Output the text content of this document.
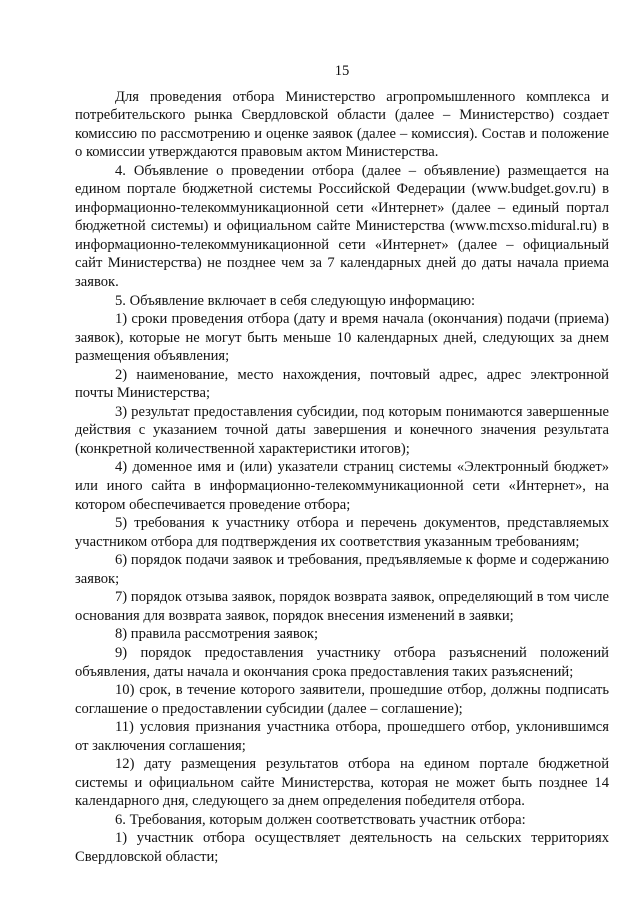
15

Для проведения отбора Министерство агропромышленного комплекса и потребительского рынка Свердловской области (далее – Министерство) создает комиссию по рассмотрению и оценке заявок (далее – комиссия). Состав и положение о комиссии утверждаются правовым актом Министерства.

4. Объявление о проведении отбора (далее – объявление) размещается на едином портале бюджетной системы Российской Федерации (www.budget.gov.ru) в информационно-телекоммуникационной сети «Интернет» (далее – единый портал бюджетной системы) и официальном сайте Министерства (www.mcxso.midural.ru) в информационно-телекоммуникационной сети «Интернет» (далее – официальный сайт Министерства) не позднее чем за 7 календарных дней до даты начала приема заявок.

5. Объявление включает в себя следующую информацию:

1) сроки проведения отбора (дату и время начала (окончания) подачи (приема) заявок), которые не могут быть меньше 10 календарных дней, следующих за днем размещения объявления;

2) наименование, место нахождения, почтовый адрес, адрес электронной почты Министерства;

3) результат предоставления субсидии, под которым понимаются завершенные действия с указанием точной даты завершения и конечного значения результата (конкретной количественной характеристики итогов);

4) доменное имя и (или) указатели страниц системы «Электронный бюджет» или иного сайта в информационно-телекоммуникационной сети «Интернет», на котором обеспечивается проведение отбора;

5) требования к участнику отбора и перечень документов, представляемых участником отбора для подтверждения их соответствия указанным требованиям;

6) порядок подачи заявок и требования, предъявляемые к форме и содержанию заявок;

7) порядок отзыва заявок, порядок возврата заявок, определяющий в том числе основания для возврата заявок, порядок внесения изменений в заявки;

8) правила рассмотрения заявок;

9) порядок предоставления участнику отбора разъяснений положений объявления, даты начала и окончания срока предоставления таких разъяснений;

10) срок, в течение которого заявители, прошедшие отбор, должны подписать соглашение о предоставлении субсидии (далее – соглашение);

11) условия признания участника отбора, прошедшего отбор, уклонившимся от заключения соглашения;

12) дату размещения результатов отбора на едином портале бюджетной системы и официальном сайте Министерства, которая не может быть позднее 14 календарного дня, следующего за днем определения победителя отбора.

6. Требования, которым должен соответствовать участник отбора:

1) участник отбора осуществляет деятельность на сельских территориях Свердловской области;
